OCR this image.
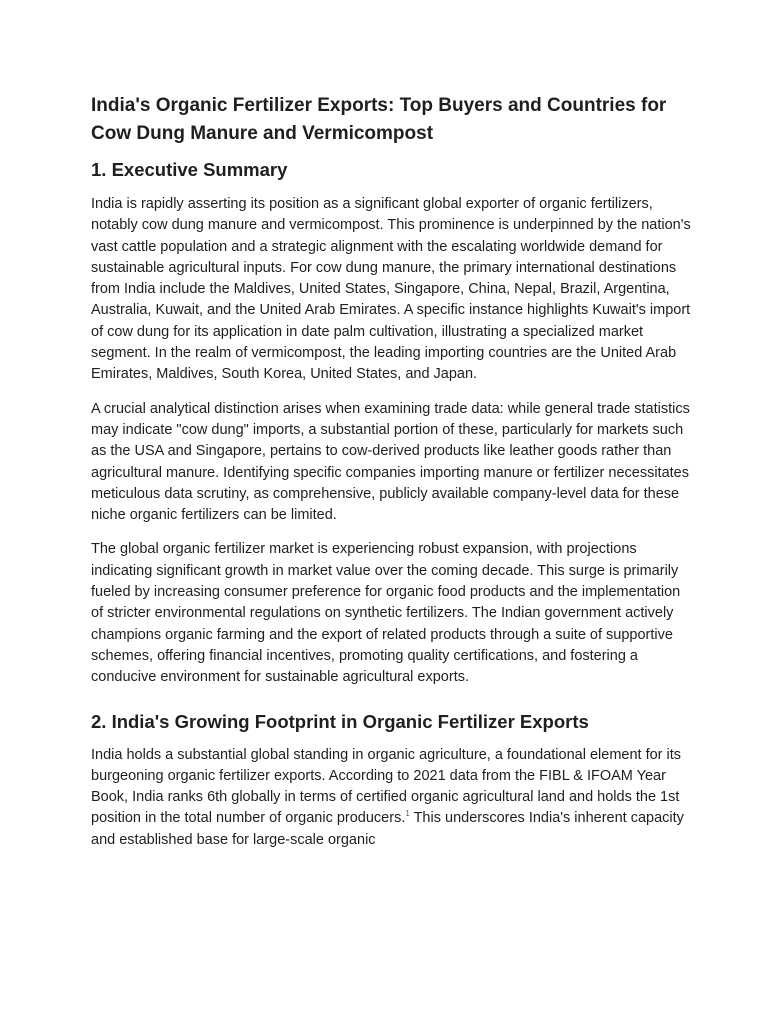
India's Organic Fertilizer Exports: Top Buyers and Countries for Cow Dung Manure and Vermicompost
1. Executive Summary

India is rapidly asserting its position as a significant global exporter of organic fertilizers, notably cow dung manure and vermicompost. This prominence is underpinned by the nation's vast cattle population and a strategic alignment with the escalating worldwide demand for sustainable agricultural inputs. For cow dung manure, the primary international destinations from India include the Maldives, United States, Singapore, China, Nepal, Brazil, Argentina, Australia, Kuwait, and the United Arab Emirates. A specific instance highlights Kuwait's import of cow dung for its application in date palm cultivation, illustrating a specialized market segment. In the realm of vermicompost, the leading importing countries are the United Arab Emirates, Maldives, South Korea, United States, and Japan.

A crucial analytical distinction arises when examining trade data: while general trade statistics may indicate "cow dung" imports, a substantial portion of these, particularly for markets such as the USA and Singapore, pertains to cow-derived products like leather goods rather than agricultural manure. Identifying specific companies importing manure or fertilizer necessitates meticulous data scrutiny, as comprehensive, publicly available company-level data for these niche organic fertilizers can be limited.

The global organic fertilizer market is experiencing robust expansion, with projections indicating significant growth in market value over the coming decade. This surge is primarily fueled by increasing consumer preference for organic food products and the implementation of stricter environmental regulations on synthetic fertilizers. The Indian government actively champions organic farming and the export of related products through a suite of supportive schemes, offering financial incentives, promoting quality certifications, and fostering a conducive environment for sustainable agricultural exports.

2. India's Growing Footprint in Organic Fertilizer Exports

India holds a substantial global standing in organic agriculture, a foundational element for its burgeoning organic fertilizer exports. According to 2021 data from the FIBL & IFOAM Year Book, India ranks 6th globally in terms of certified organic agricultural land and holds the 1st position in the total number of organic producers.$^1$ This underscores India's inherent capacity and established base for large-scale organic
